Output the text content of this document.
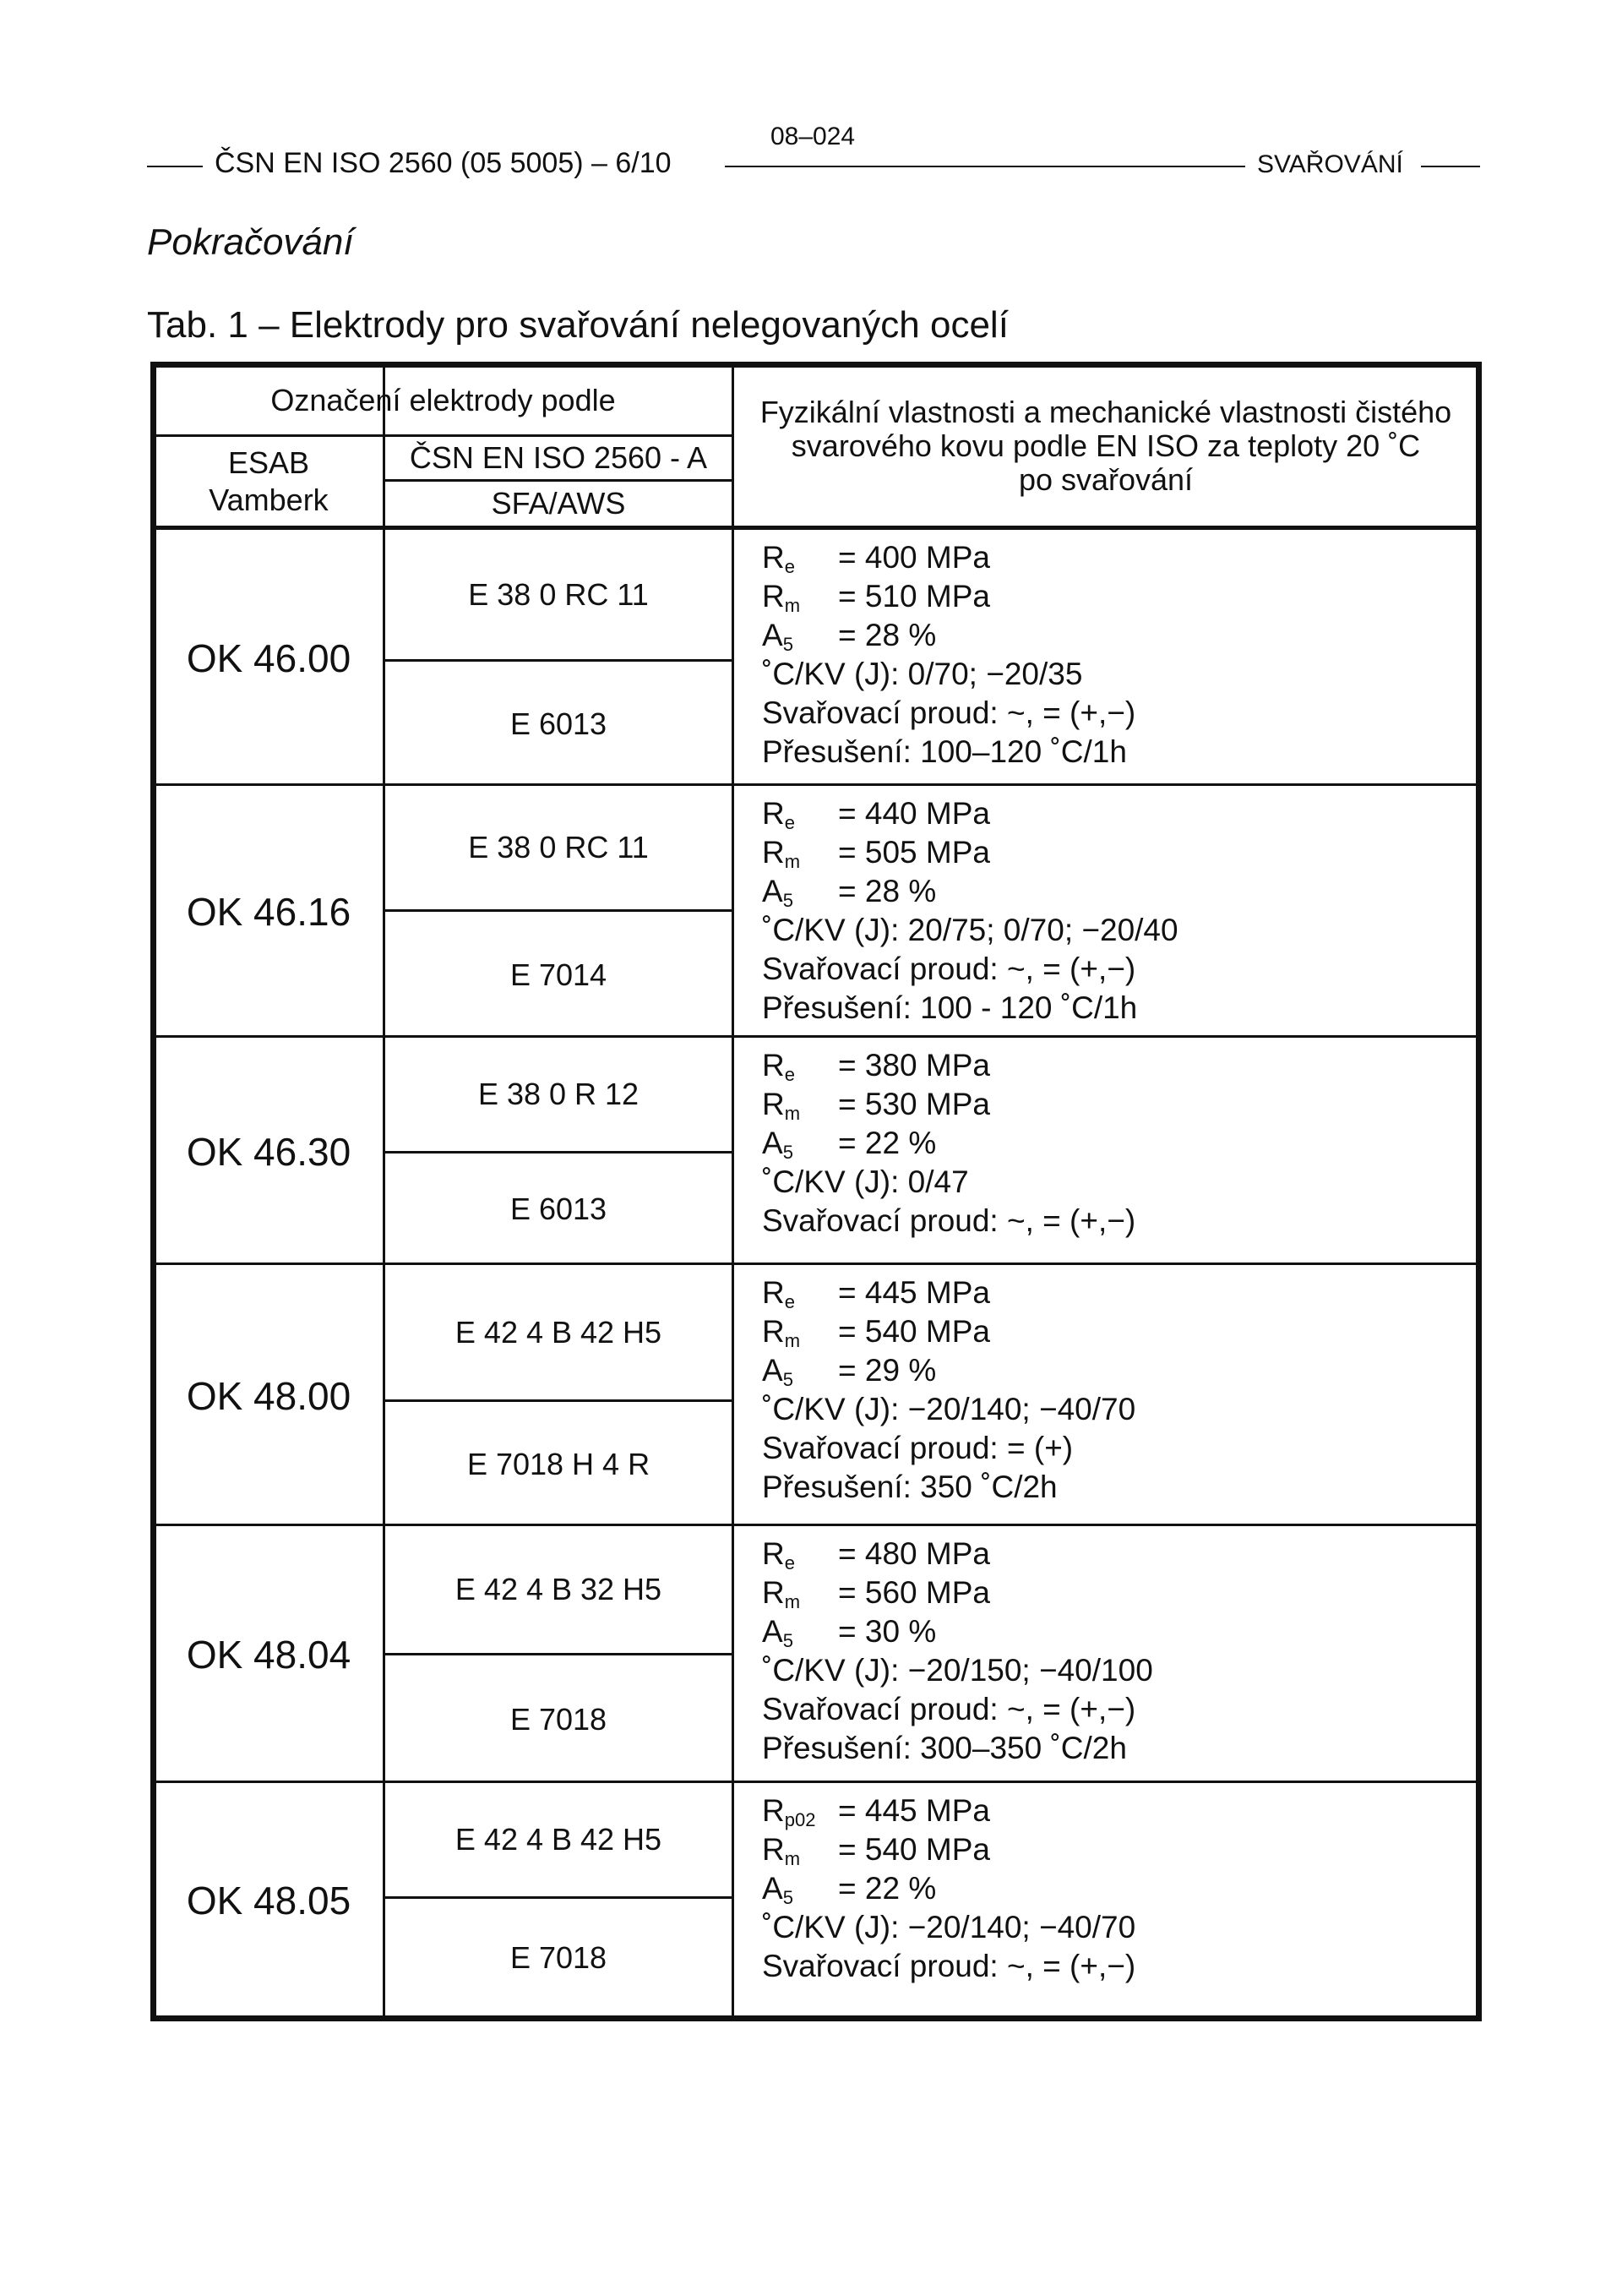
08–024
ČSN EN ISO 2560 (05 5005) – 6/10	SVAŘOVÁNÍ
Pokračování
Tab. 1 – Elektrody pro svařování nelegovaných ocelí
Označení elektrody podle
ESAB
Vamberk
ČSN EN ISO 2560 - A
SFA/AWS
Fyzikální vlastnosti a mechanické vlastnosti čistého
svarového kovu podle EN ISO za teploty 20 ˚C
po svařování
OK 46.00
E 38 0 RC 11
E 6013
$R_e = 400$ MPa
$R_m = 510$ MPa
$A_5 = 28$ %
˚C/KV (J): 0/70; −20/35
Svařovací proud: ~, = (+,−)
Přesušení: 100–120 ˚C/1h
OK 46.16
E 38 0 RC 11
E 7014
$R_e = 440$ MPa
$R_m = 505$ MPa
$A_5 = 28$ %
˚C/KV (J): 20/75; 0/70; −20/40
Svařovací proud: ~, = (+,−)
Přesušení: 100 - 120 ˚C/1h
OK 46.30
E 38 0 R 12
E 6013
$R_e = 380$ MPa
$R_m = 530$ MPa
$A_5 = 22$ %
˚C/KV (J): 0/47
Svařovací proud: ~, = (+,−)
OK 48.00
E 42 4 B 42 H5
E 7018 H 4 R
$R_e = 445$ MPa
$R_m = 540$ MPa
$A_5 = 29$ %
˚C/KV (J): −20/140; −40/70
Svařovací proud: = (+)
Přesušení: 350 ˚C/2h
OK 48.04
E 42 4 B 32 H5
E 7018
$R_e = 480$ MPa
$R_m = 560$ MPa
$A_5 = 30$ %
˚C/KV (J): −20/150; −40/100
Svařovací proud: ~, = (+,−)
Přesušení: 300–350 ˚C/2h
OK 48.05
E 42 4 B 42 H5
E 7018
$R_{p02} = 445$ MPa
$R_m = 540$ MPa
$A_5 = 22$ %
˚C/KV (J): −20/140; −40/70
Svařovací proud: ~, = (+,−)
